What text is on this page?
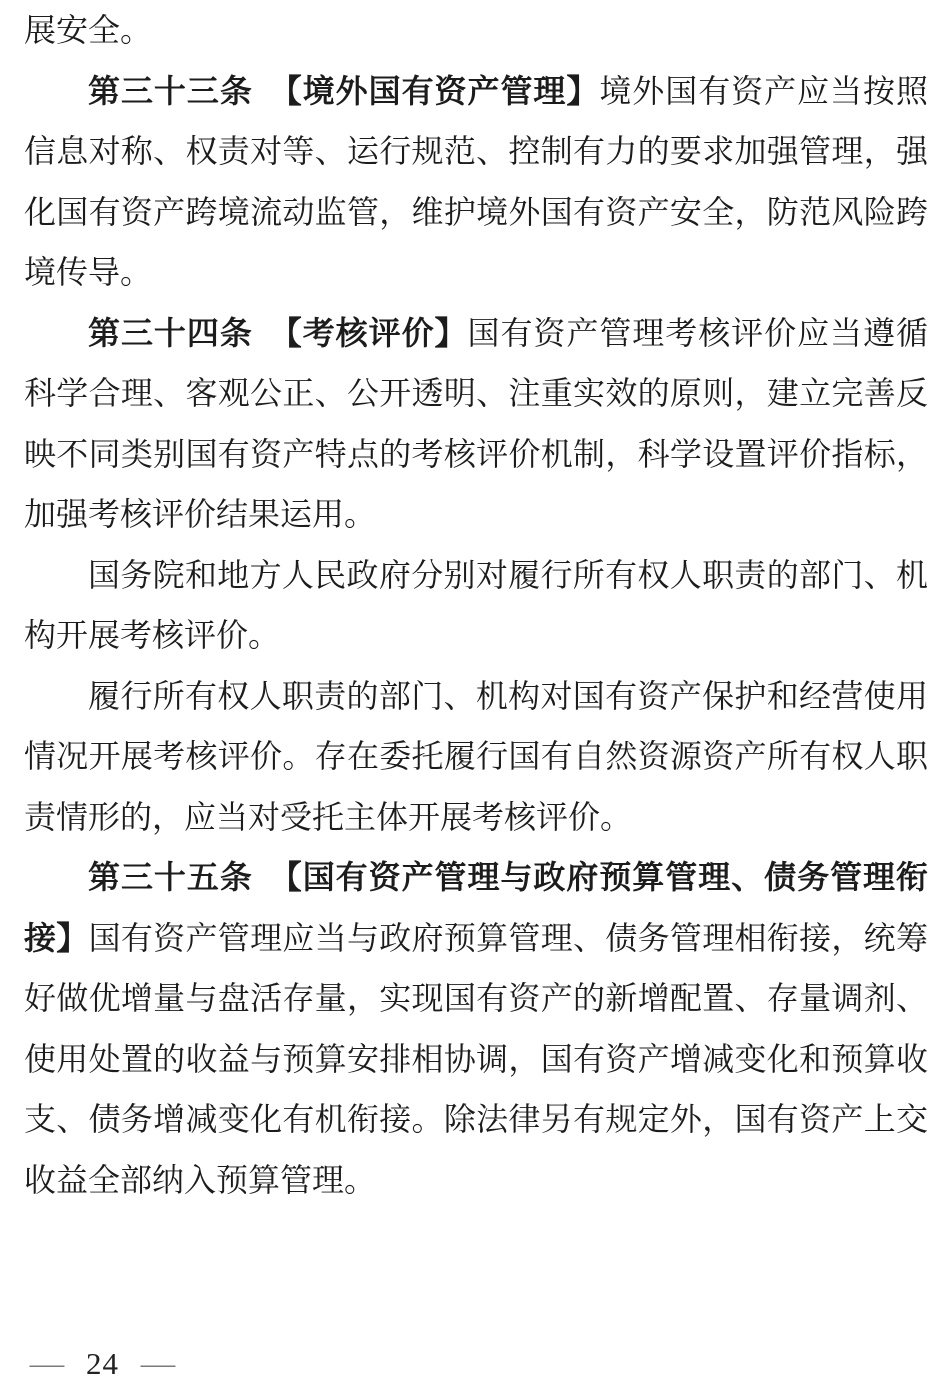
展安全。
第三十三条　【境外国有资产管理】境外国有资产应当按照
信息对称、权责对等、运行规范、控制有力的要求加强管理，强
化国有资产跨境流动监管，维护境外国有资产安全，防范风险跨
境传导。
第三十四条　【考核评价】国有资产管理考核评价应当遵循
科学合理、客观公正、公开透明、注重实效的原则，建立完善反
映不同类别国有资产特点的考核评价机制，科学设置评价指标，
加强考核评价结果运用。
国务院和地方人民政府分别对履行所有权人职责的部门、机
构开展考核评价。
履行所有权人职责的部门、机构对国有资产保护和经营使用
情况开展考核评价。存在委托履行国有自然资源资产所有权人职
责情形的，应当对受托主体开展考核评价。
第三十五条　【国有资产管理与政府预算管理、债务管理衔
接】国有资产管理应当与政府预算管理、债务管理相衔接，统筹
好做优增量与盘活存量，实现国有资产的新增配置、存量调剂、
使用处置的收益与预算安排相协调，国有资产增减变化和预算收
支、债务增减变化有机衔接。除法律另有规定外，国有资产上交
收益全部纳入预算管理。
— 24 —
